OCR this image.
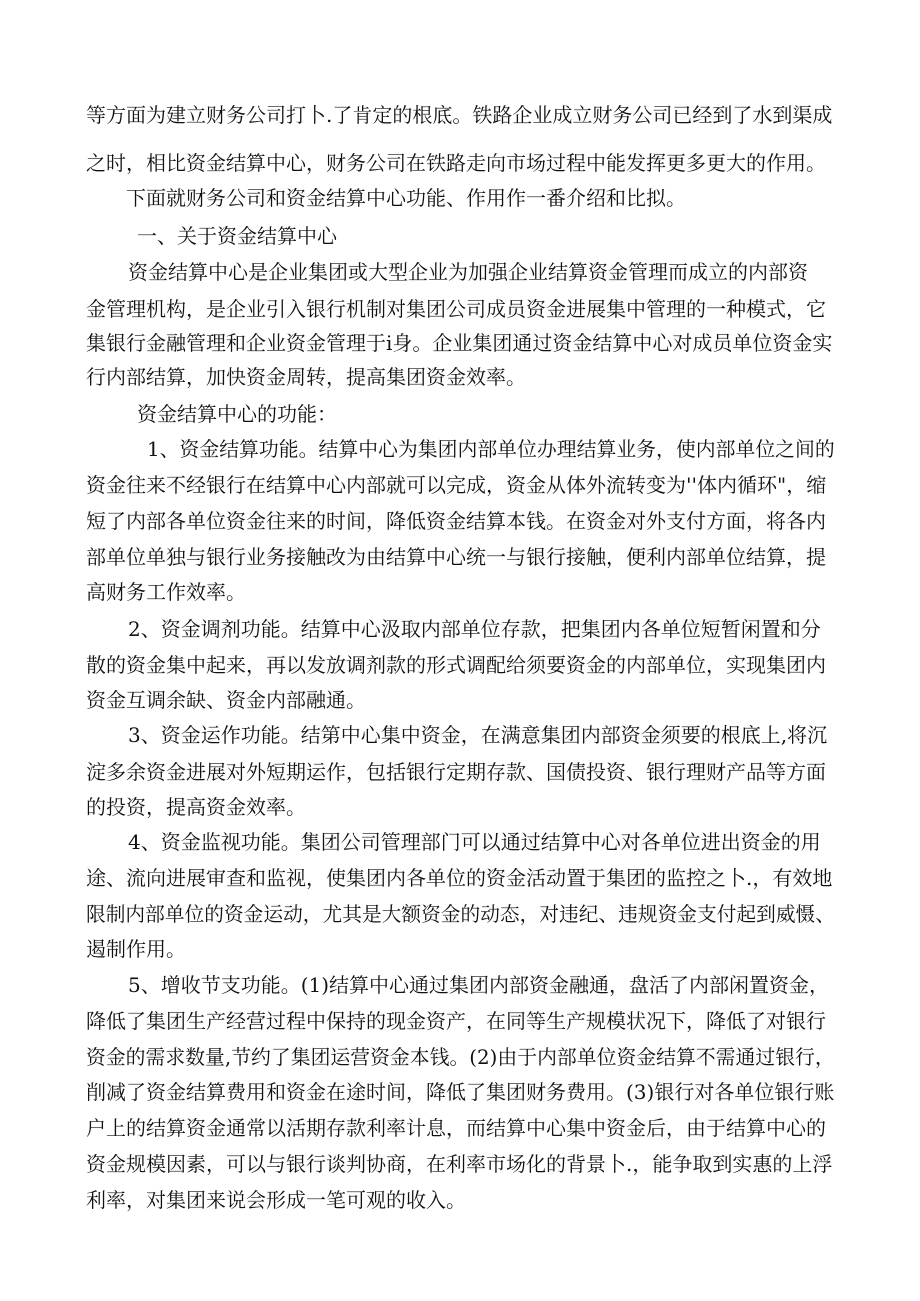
等方面为建立财务公司打卜.了肯定的根底。铁路企业成立财务公司已经到了水到渠成
之时，相比资金结算中心，财务公司在铁路走向市场过程中能发挥更多更大的作用。
下面就财务公司和资金结算中心功能、作用作一番介绍和比拟。
一、关于资金结算中心
资金结算中心是企业集团或大型企业为加强企业结算资金管理而成立的内部资
金管理机构，是企业引入银行机制对集团公司成员资金进展集中管理的一种模式，它
集银行金融管理和企业资金管理于i身。企业集团通过资金结算中心对成员单位资金实
行内部结算，加快资金周转，提高集团资金效率。
资金结算中心的功能：
1、资金结算功能。结算中心为集团内部单位办理结算业务，使内部单位之间的
资金往来不经银行在结算中心内部就可以完成，资金从体外流转变为''体内循环"，缩
短了内部各单位资金往来的时间，降低资金结算本钱。在资金对外支付方面，将各内
部单位单独与银行业务接触改为由结算中心统一与银行接触，便利内部单位结算，提
高财务工作效率。
2、资金调剂功能。结算中心汲取内部单位存款，把集团内各单位短暂闲置和分
散的资金集中起来，再以发放调剂款的形式调配给须要资金的内部单位，实现集团内
资金互调余缺、资金内部融通。
3、资金运作功能。结第中心集中资金，在满意集团内部资金须要的根底上,将沉
淀多余资金进展对外短期运作，包括银行定期存款、国债投资、银行理财产品等方面
的投资，提高资金效率。
4、资金监视功能。集团公司管理部门可以通过结算中心对各单位进出资金的用
途、流向进展审查和监视，使集团内各单位的资金活动置于集团的监控之卜.，有效地
限制内部单位的资金运动，尤其是大额资金的动态，对违纪、违规资金支付起到威慑、
遏制作用。
5、增收节支功能。(1)结算中心通过集团内部资金融通，盘活了内部闲置资金，
降低了集团生产经营过程中保持的现金资产，在同等生产规模状况下，降低了对银行
资金的需求数量,节约了集团运营资金本钱。(2)由于内部单位资金结算不需通过银行，
削减了资金结算费用和资金在途时间，降低了集团财务费用。(3)银行对各单位银行账
户上的结算资金通常以活期存款利率计息，而结算中心集中资金后，由于结算中心的
资金规模因素，可以与银行谈判协商，在利率市场化的背景卜.，能争取到实惠的上浮
利率，对集团来说会形成一笔可观的收入。
